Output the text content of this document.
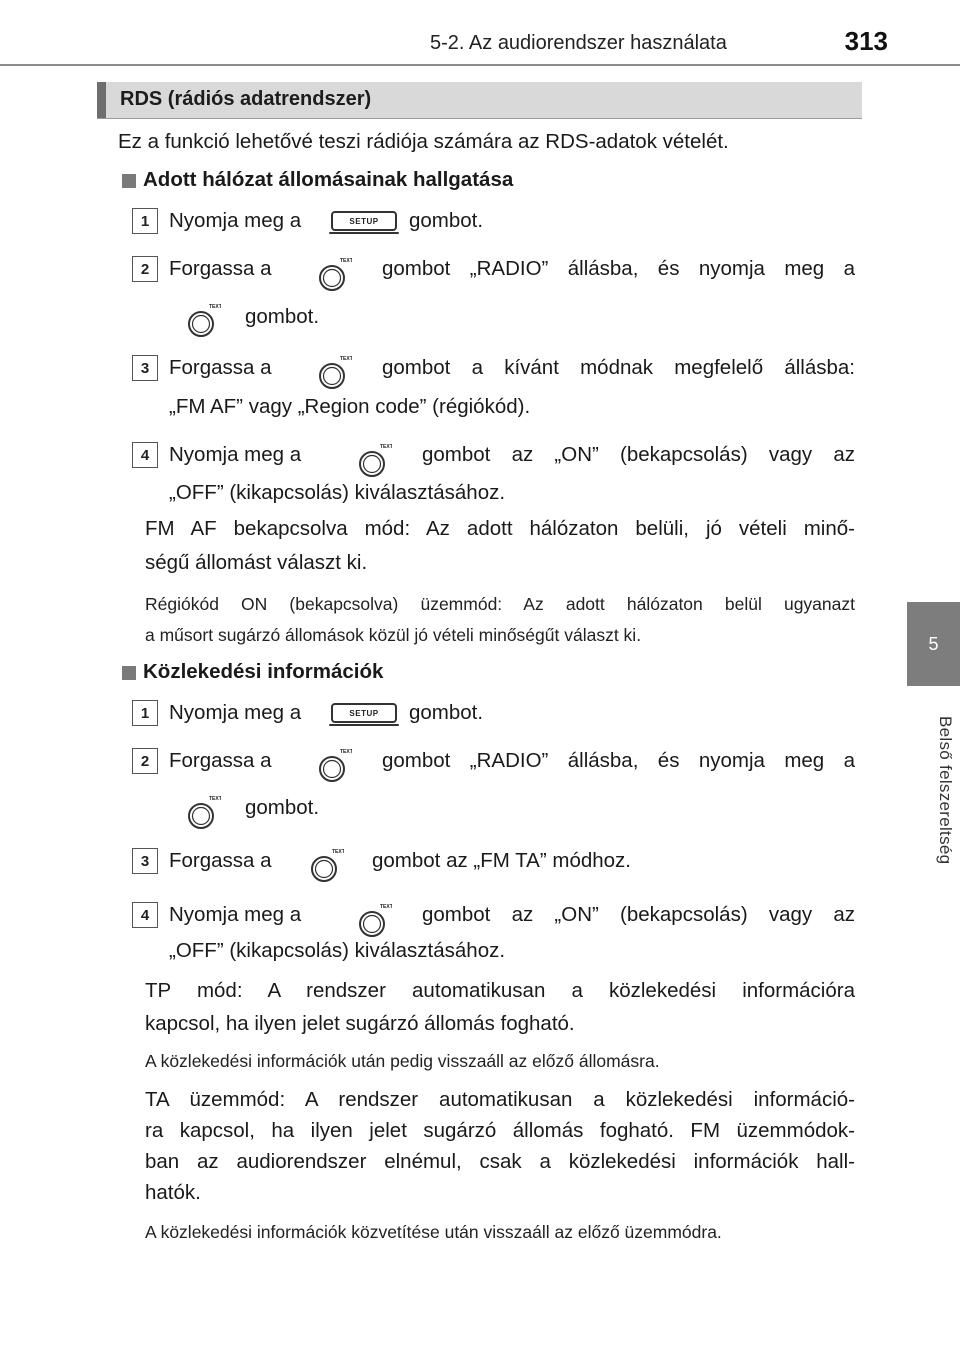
5-2. Az audiorendszer használata	313
5
Belső felszereltség
RDS (rádiós adatrendszer)
Ez a funkció lehetővé teszi rádiója számára az RDS-adatok vételét.
Adott hálózat állomásainak hallgatása
1 Nyomja meg a	SETUP	gombot.
2 Forgassa a	TEXT gombot „RADIO” állásba, és nyomja meg a
TEXT gombot.
3 Forgassa a	TEXT gombot a kívánt módnak megfelelő állásba:
„FM AF” vagy „Region code” (régiókód).
4 Nyomja meg a	TEXT gombot az „ON” (bekapcsolás) vagy az
„OFF” (kikapcsolás) kiválasztásához.
FM AF bekapcsolva mód: Az adott hálózaton belüli, jó vételi minő-
ségű állomást választ ki.
Régiókód ON (bekapcsolva) üzemmód: Az adott hálózaton belül ugyanazt
a műsort sugárzó állomások közül jó vételi minőségűt választ ki.
Közlekedési információk
1 Nyomja meg a	SETUP	gombot.
2 Forgassa a	TEXT gombot „RADIO” állásba, és nyomja meg a
TEXT gombot.
3 Forgassa a	TEXT gombot az „FM TA” módhoz.
4 Nyomja meg a	TEXT gombot az „ON” (bekapcsolás) vagy az
„OFF” (kikapcsolás) kiválasztásához.
TP mód: A rendszer automatikusan a közlekedési információra
kapcsol, ha ilyen jelet sugárzó állomás fogható.
A közlekedési információk után pedig visszaáll az előző állomásra.
TA üzemmód: A rendszer automatikusan a közlekedési információ-
ra kapcsol, ha ilyen jelet sugárzó állomás fogható. FM üzemmódok-
ban az audiorendszer elnémul, csak a közlekedési információk hall-
hatók.
A közlekedési információk közvetítése után visszaáll az előző üzemmódra.
